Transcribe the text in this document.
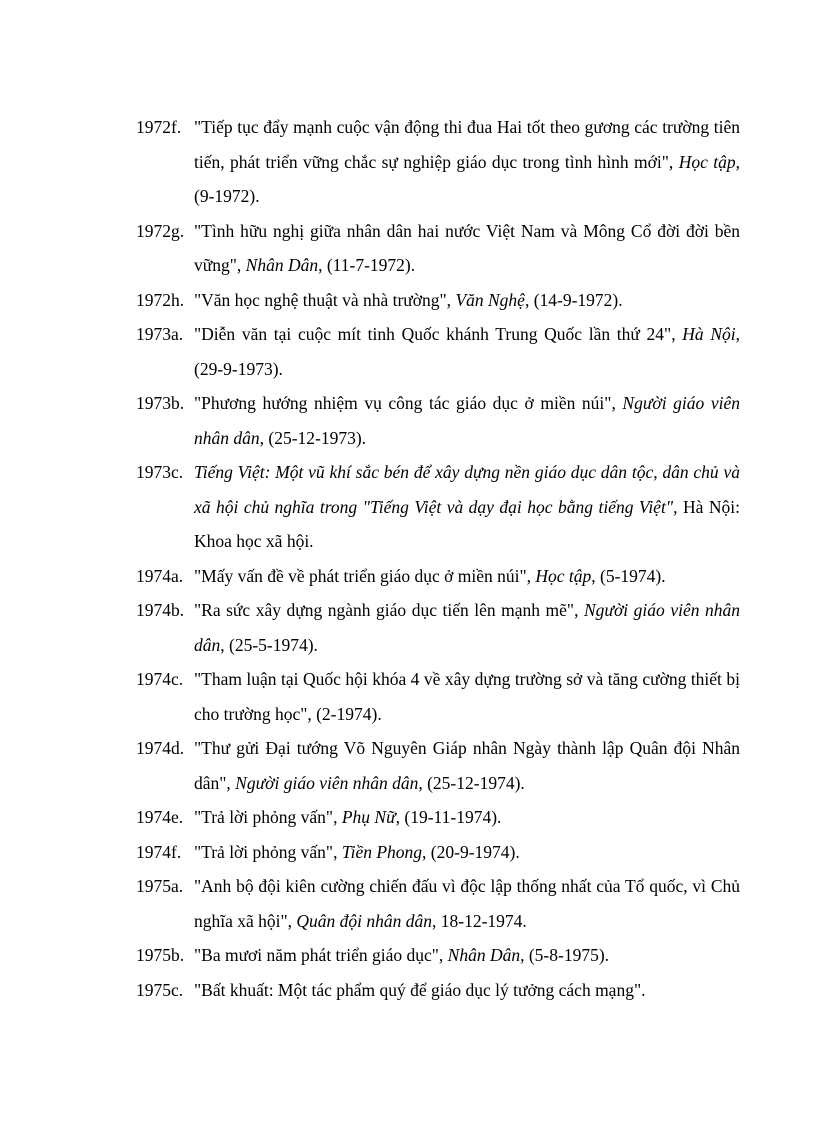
1972f. "Tiếp tục đẩy mạnh cuộc vận động thi đua Hai tốt theo gương các trường tiên tiến, phát triển vững chắc sự nghiệp giáo dục trong tình hình mới", Học tập, (9-1972).

1972g. "Tình hữu nghị giữa nhân dân hai nước Việt Nam và Mông Cổ đời đời bền vững", Nhân Dân, (11-7-1972).

1972h. "Văn học nghệ thuật và nhà trường", Văn Nghệ, (14-9-1972).

1973a. "Diễn văn tại cuộc mít tinh Quốc khánh Trung Quốc lần thứ 24", Hà Nội, (29-9-1973).

1973b. "Phương hướng nhiệm vụ công tác giáo dục ở miền núi", Người giáo viên nhân dân, (25-12-1973).

1973c. Tiếng Việt: Một vũ khí sắc bén để xây dựng nền giáo dục dân tộc, dân chủ và xã hội chủ nghĩa trong "Tiếng Việt và dạy đại học bằng tiếng Việt", Hà Nội: Khoa học xã hội.

1974a. "Mấy vấn đề về phát triển giáo dục ở miền núi", Học tập, (5-1974).

1974b. "Ra sức xây dựng ngành giáo dục tiến lên mạnh mẽ", Người giáo viên nhân dân, (25-5-1974).

1974c. "Tham luận tại Quốc hội khóa 4 về xây dựng trường sở và tăng cường thiết bị cho trường học", (2-1974).

1974d. "Thư gửi Đại tướng Võ Nguyên Giáp nhân Ngày thành lập Quân đội Nhân dân", Người giáo viên nhân dân, (25-12-1974).

1974e. "Trả lời phỏng vấn", Phụ Nữ, (19-11-1974).

1974f. "Trả lời phỏng vấn", Tiền Phong, (20-9-1974).

1975a. "Anh bộ đội kiên cường chiến đấu vì độc lập thống nhất của Tổ quốc, vì Chủ nghĩa xã hội", Quân đội nhân dân, 18-12-1974.

1975b. "Ba mươi năm phát triển giáo dục", Nhân Dân, (5-8-1975).

1975c. "Bất khuất: Một tác phẩm quý để giáo dục lý tưởng cách mạng".
